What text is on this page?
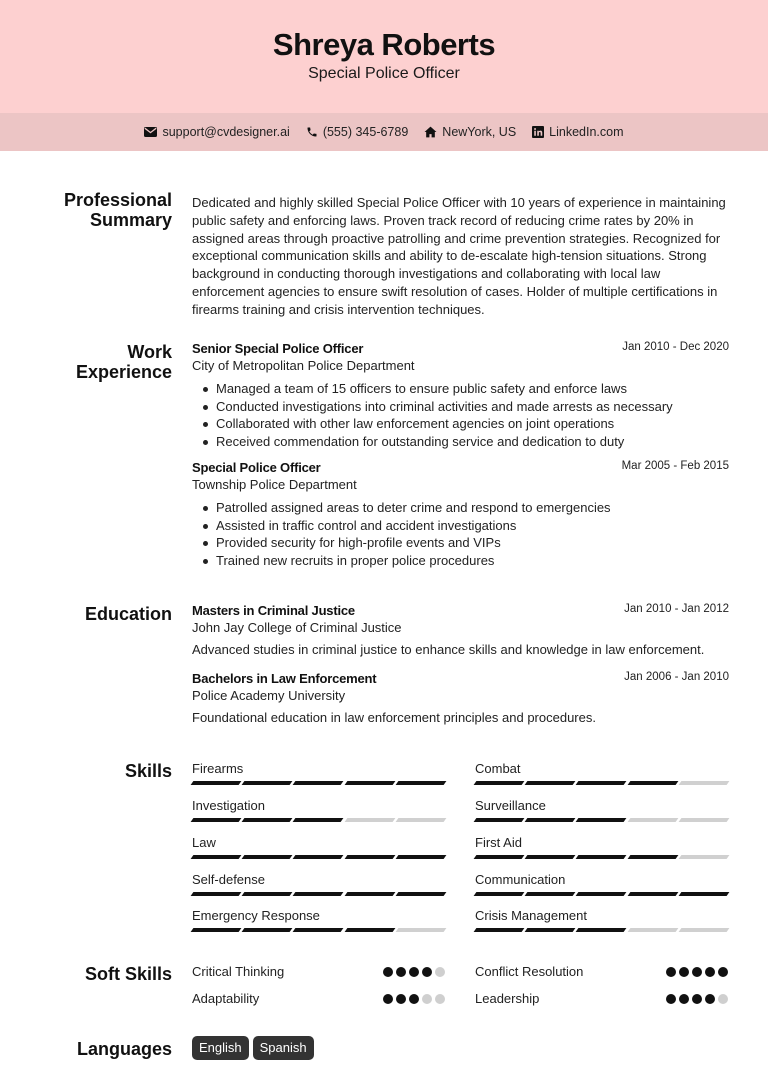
Shreya Roberts
Special Police Officer
support@cvdesigner.ai	(555) 345-6789	NewYork, US	LinkedIn.com
Professional Summary
Dedicated and highly skilled Special Police Officer with 10 years of experience in maintaining public safety and enforcing laws. Proven track record of reducing crime rates by 20% in assigned areas through proactive patrolling and crime prevention strategies. Recognized for exceptional communication skills and ability to de-escalate high-tension situations. Strong background in conducting thorough investigations and collaborating with local law enforcement agencies to ensure swift resolution of cases. Holder of multiple certifications in firearms training and crisis intervention techniques.
Work Experience
Senior Special Police Officer	Jan 2010 - Dec 2020
City of Metropolitan Police Department
Managed a team of 15 officers to ensure public safety and enforce laws
Conducted investigations into criminal activities and made arrests as necessary
Collaborated with other law enforcement agencies on joint operations
Received commendation for outstanding service and dedication to duty
Special Police Officer	Mar 2005 - Feb 2015
Township Police Department
Patrolled assigned areas to deter crime and respond to emergencies
Assisted in traffic control and accident investigations
Provided security for high-profile events and VIPs
Trained new recruits in proper police procedures
Education Masters in Criminal Justice	Jan 2010 - Jan 2012
John Jay College of Criminal Justice
Advanced studies in criminal justice to enhance skills and knowledge in law enforcement.
Bachelors in Law Enforcement	Jan 2006 - Jan 2010
Police Academy University
Foundational education in law enforcement principles and procedures.
Skills Firearms	Combat
Investigation	Surveillance
Law	First Aid
Self-defense	Communication
Emergency Response	Crisis Management
Soft Skills Critical Thinking	Conflict Resolution
Adaptability	Leadership
Languages	English	Spanish
